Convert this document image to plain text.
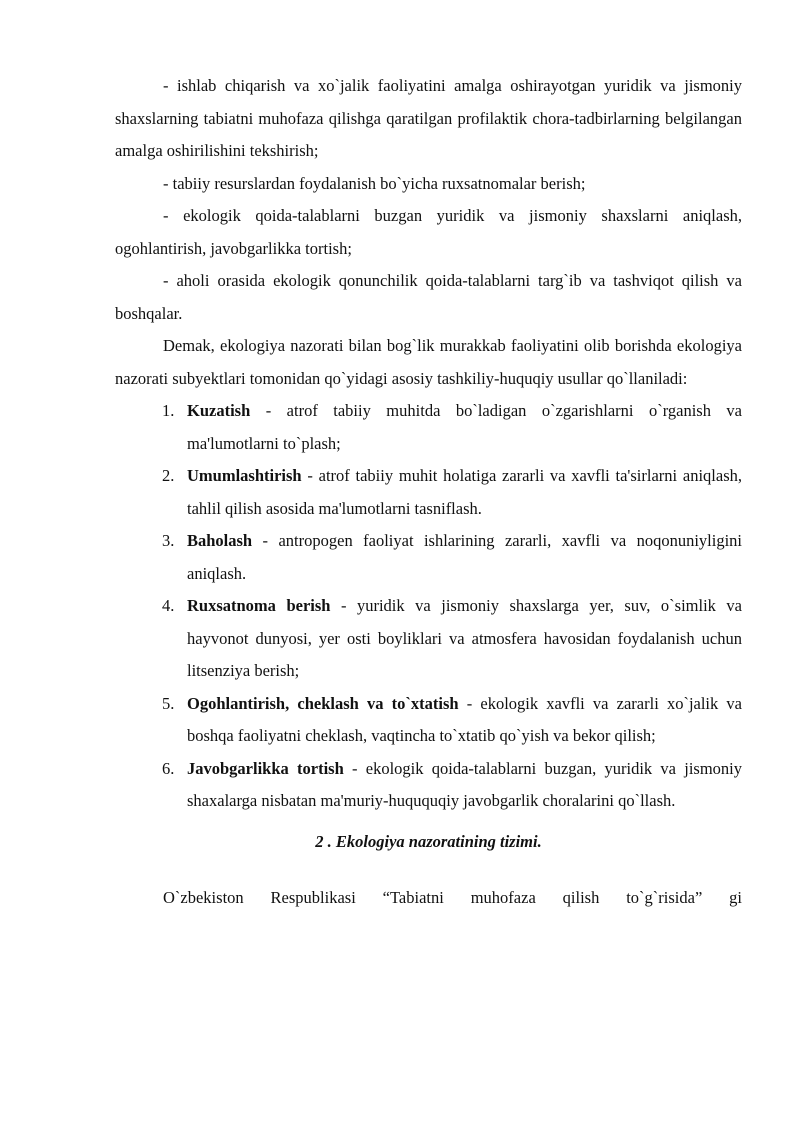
- ishlab chiqarish va xo`jalik faoliyatini amalga oshirayotgan yuridik va jismoniy shaxslarning tabiatni muhofaza qilishga qaratilgan profilaktik chora-tadbirlarning belgilangan amalga oshirilishini tekshirish;

- tabiiy resurslardan foydalanish bo`yicha ruxsatnomalar berish;

- ekologik qoida-talablarni buzgan yuridik va jismoniy shaxslarni aniqlash, ogohlantirish, javobgarlikka tortish;

- aholi orasida ekologik qonunchilik qoida-talablarni targ`ib va tashviqot qilish va boshqalar.

Demak, ekologiya nazorati bilan bog`lik murakkab faoliyatini olib borishda ekologiya nazorati subyektlari tomonidan qo`yidagi asosiy tashkiliy-huquqiy usullar qo`llaniladi:

1. Kuzatish - atrof tabiiy muhitda bo`ladigan o`zgarishlarni o`rganish va ma'lumotlarni to`plash;
2. Umumlashtirish - atrof tabiiy muhit holatiga zararli va xavfli ta'sirlarni aniqlash, tahlil qilish asosida ma'lumotlarni tasniflash.
3. Baholash - antropogen faoliyat ishlarining zararli, xavfli va noqonuniyligini aniqlash.
4. Ruxsatnoma berish - yuridik va jismoniy shaxslarga yer, suv, o`simlik va hayvonot dunyosi, yer osti boyliklari va atmosfera havosidan foydalanish uchun litsenziya berish;
5. Ogohlantirish, cheklash va to`xtatish - ekologik xavfli va zararli xo`jalik va boshqa faoliyatni cheklash, vaqtincha to`xtatib qo`yish va bekor qilish;
6. Javobgarlikka tortish - ekologik qoida-talablarni buzgan, yuridik va jismoniy shaxalarga nisbatan ma'muriy-huququqiy javobgarlik choralarini qo`llash.

2 . Ekologiya nazoratining tizimi.

O`zbekiston Respublikasi “Tabiatni muhofaza qilish to`g`risida” gi
